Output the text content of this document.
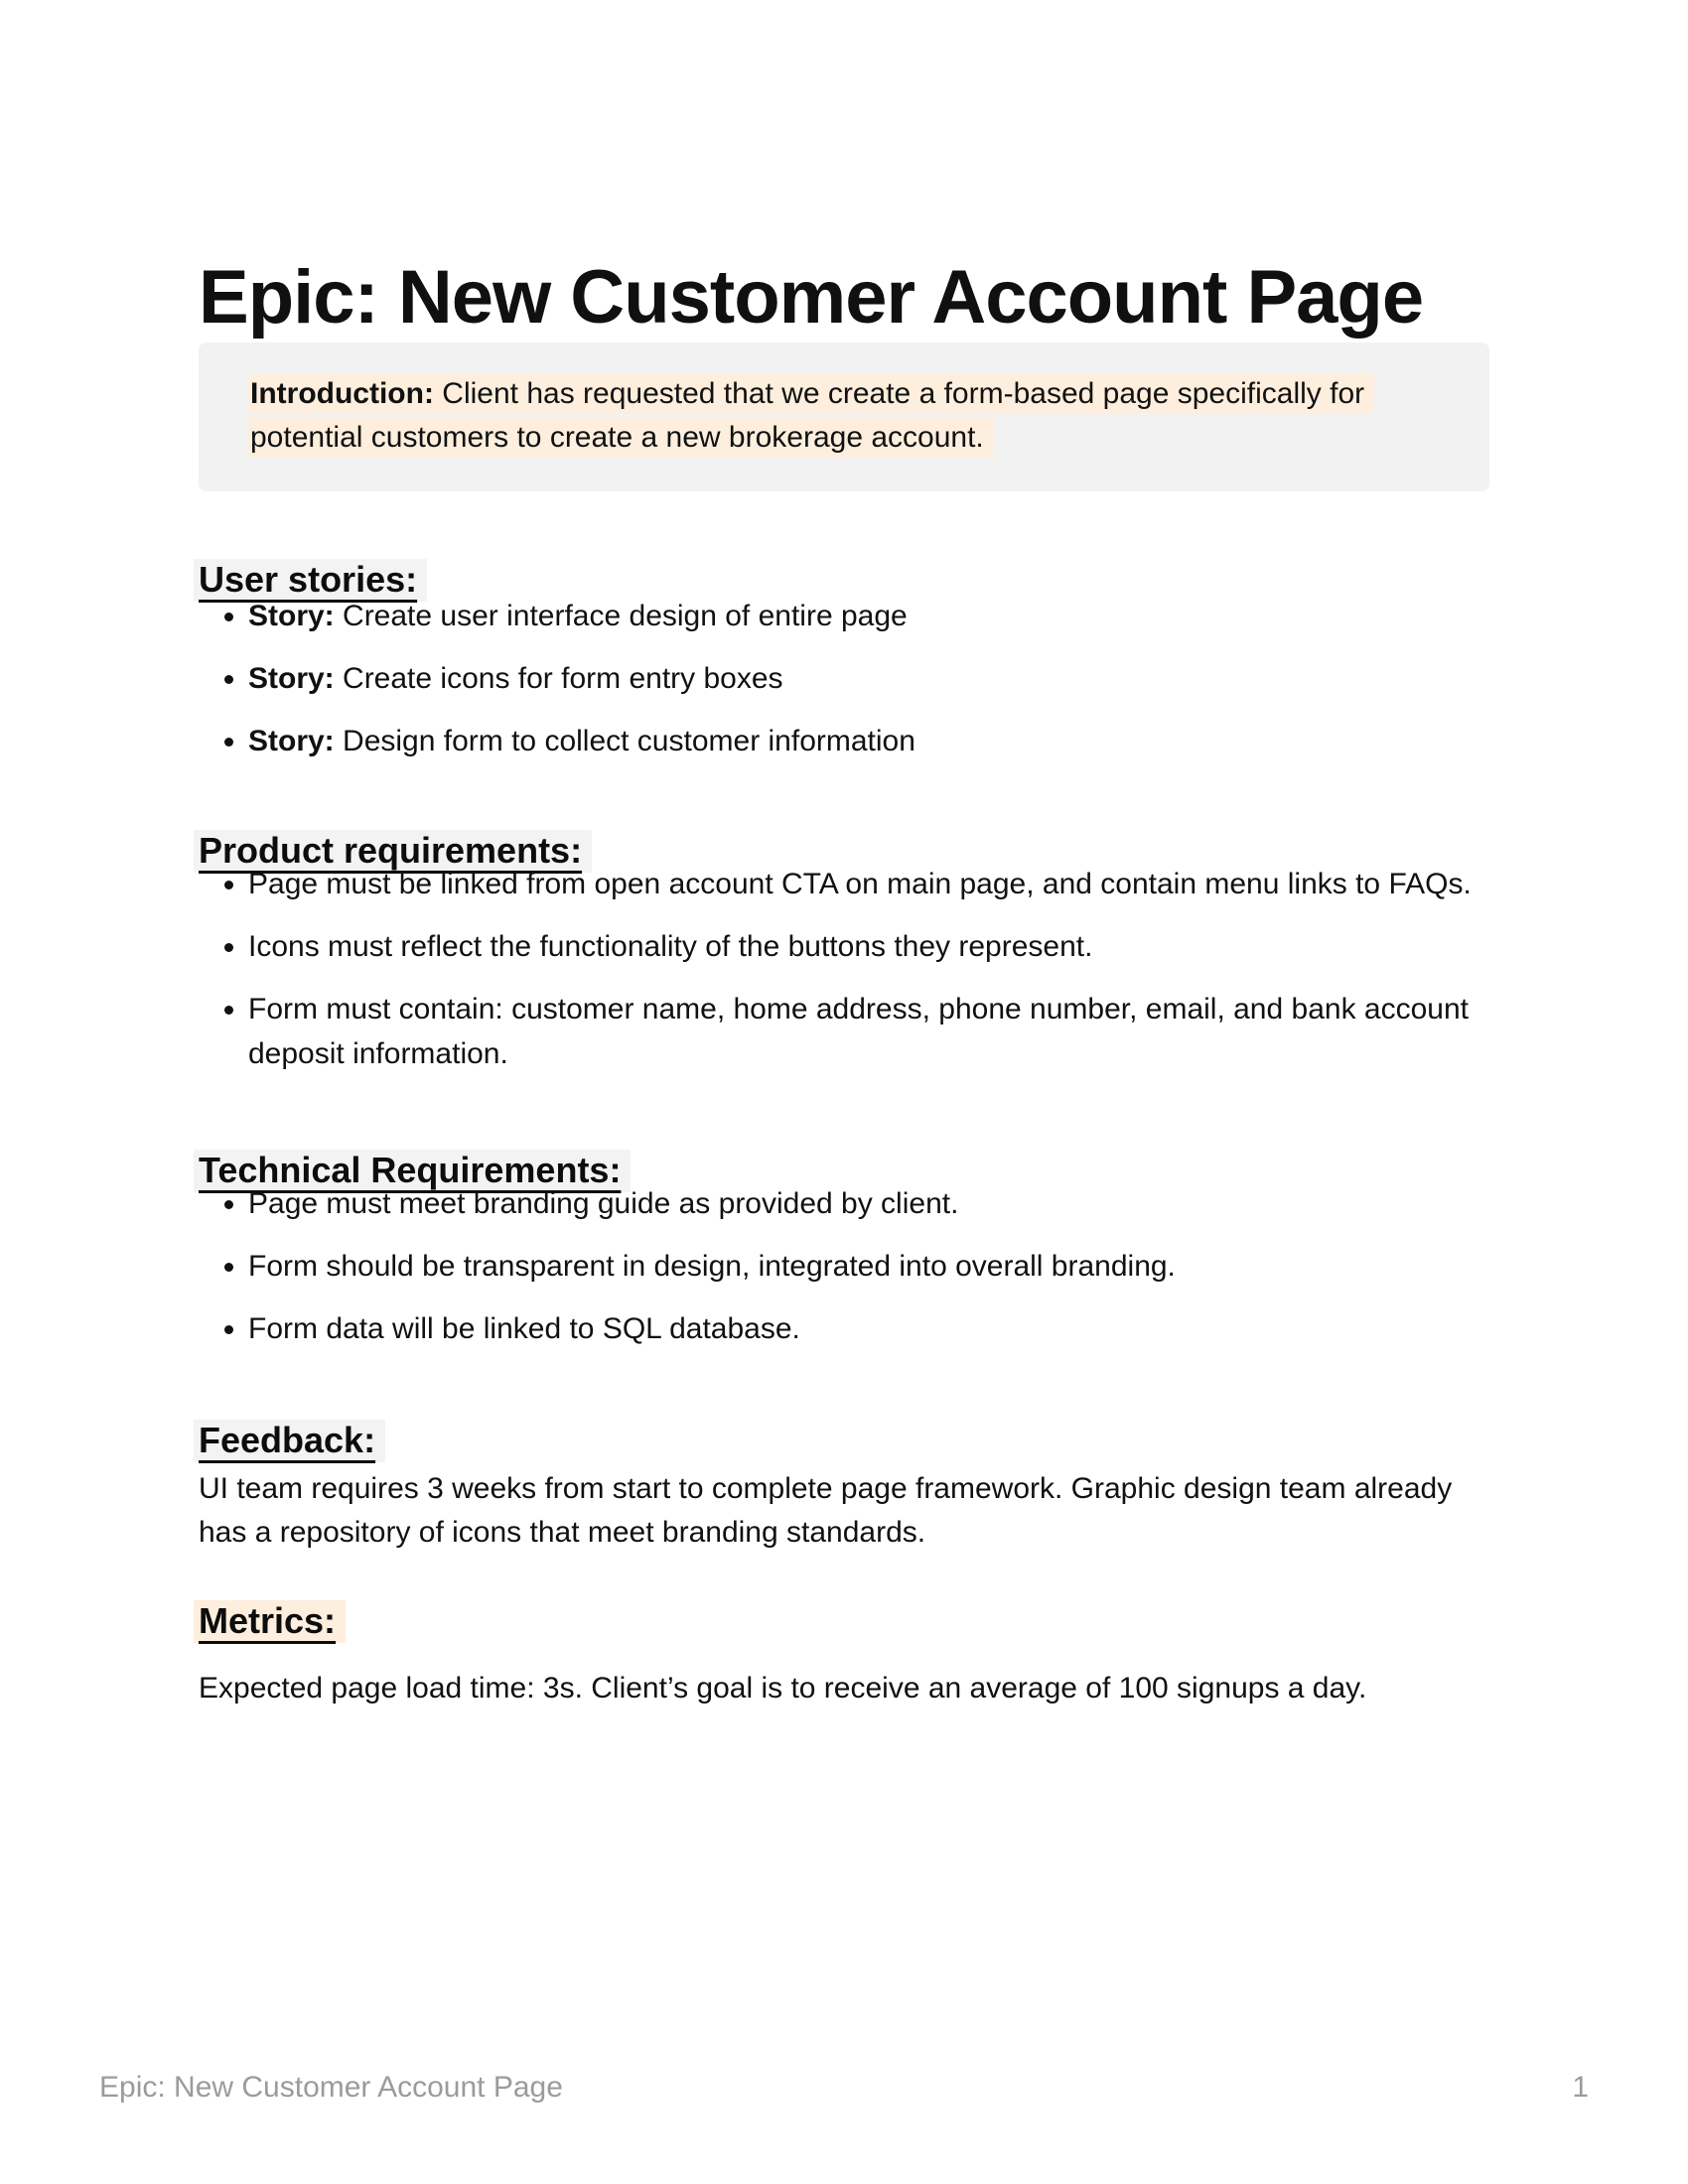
Epic: New Customer Account Page
Introduction: Client has requested that we create a form-based page specifically for
potential customers to create a new brokerage account.
User stories:
• Story: Create user interface design of entire page
• Story: Create icons for form entry boxes
• Story: Design form to collect customer information
Product requirements:
• Page must be linked from open account CTA on main page, and contain menu links to FAQs.
• Icons must reflect the functionality of the buttons they represent.
• Form must contain: customer name, home address, phone number, email, and bank account deposit information.
Technical Requirements:
• Page must meet branding guide as provided by client.
• Form should be transparent in design, integrated into overall branding.
• Form data will be linked to SQL database.
Feedback:

UI team requires 3 weeks from start to complete page framework. Graphic design team already has a repository of icons that meet branding standards.

Metrics:

Expected page load time: 3s. Client’s goal is to receive an average of 100 signups a day.

Epic: New Customer Account Page	1
